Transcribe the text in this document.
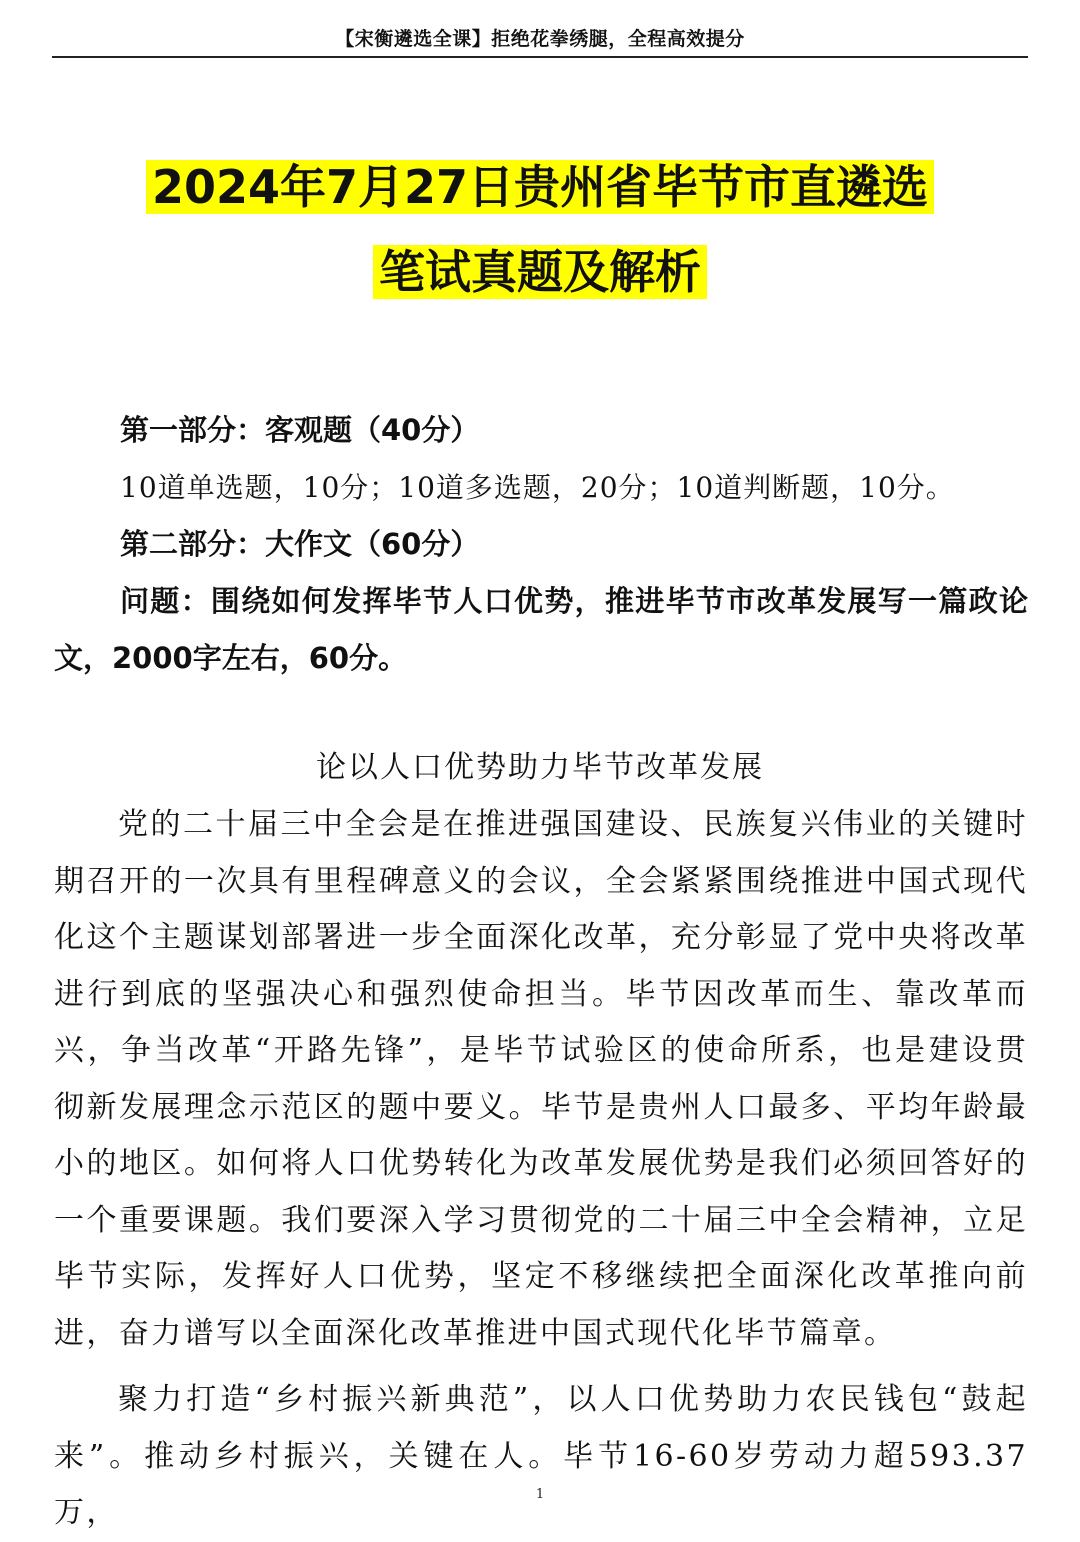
【宋衡遴选全课】拒绝花拳绣腿，全程高效提分
2024年7月27日贵州省毕节市直遴选
笔试真题及解析
第一部分：客观题（40分）
10道单选题，10分；10道多选题，20分；10道判断题，10分。
第二部分：大作文（60分）
问题：围绕如何发挥毕节人口优势，推进毕节市改革发展写一篇政论文，2000字左右，60分。
论以人口优势助力毕节改革发展

党的二十届三中全会是在推进强国建设、民族复兴伟业的关键时期召开的一次具有里程碑意义的会议，全会紧紧围绕推进中国式现代化这个主题谋划部署进一步全面深化改革，充分彰显了党中央将改革进行到底的坚强决心和强烈使命担当。毕节因改革而生、靠改革而兴，争当改革“开路先锋”，是毕节试验区的使命所系，也是建设贯彻新发展理念示范区的题中要义。毕节是贵州人口最多、平均年龄最小的地区。如何将人口优势转化为改革发展优势是我们必须回答好的一个重要课题。我们要深入学习贯彻党的二十届三中全会精神，立足毕节实际，发挥好人口优势，坚定不移继续把全面深化改革推向前进，奋力谱写以全面深化改革推进中国式现代化毕节篇章。

聚力打造“乡村振兴新典范”，以人口优势助力农民钱包“鼓起来”。推动乡村振兴，关键在人。毕节16-60岁劳动力超593.37万，

1
